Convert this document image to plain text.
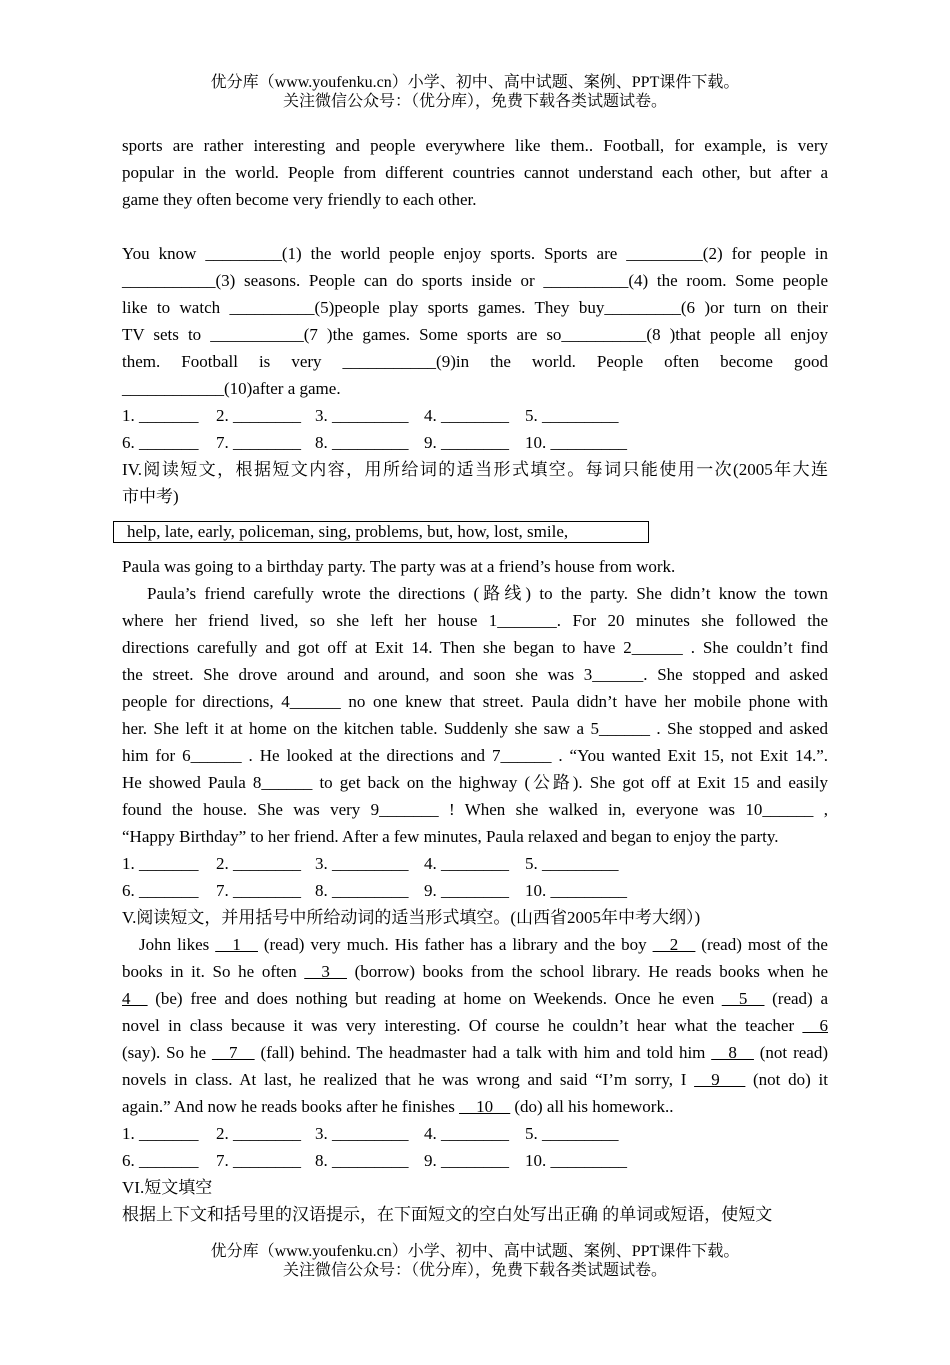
优分库（www.youfenku.cn）小学、初中、高中试题、案例、PPT课件下载。
关注微信公众号：（优分库），免费下载各类试题试卷。

sports are rather interesting and people everywhere like them.. Football, for example, is very

popular in the world. People from different countries cannot understand each other, but after a

game they often become very friendly to each other.

You know _________(1) the world people enjoy sports. Sports are _________(2) for people in

___________(3) seasons. People can do sports inside or __________(4) the room. Some people

like to watch __________(5)people play sports games. They buy_________(6 )or turn on their

TV sets to ___________(7 )the games. Some sports are so__________(8 )that people all enjoy

them. Football is very ___________(9)in the world. People often become good

____________(10)after a game.

1. _______	2. ________ 3. _________ 4. ________ 5. _________
6. _______	7. ________ 8. _________ 9. ________ 10. _________

IV.阅读短文，根据短文内容，用所给词的适当形式填空。每词只能使用一次(2005年大连

市中考)

help, late, early, policeman, sing, problems, but, how, lost, smile,

Paula was going to a birthday party. The party was at a friend’s house from work.

Paula’s friend carefully wrote the directions (路线) to the party. She didn’t know the town

where her friend lived, so she left her house 1_______. For 20 minutes she followed the

directions carefully and got off at Exit 14. Then she began to have 2______ . She couldn’t find

the street. She drove around and around, and soon she was 3______. She stopped and asked

people for directions, 4______ no one knew that street. Paula didn’t have her mobile phone with

her. She left it at home on the kitchen table. Suddenly she saw a 5______ . She stopped and asked

him for 6______ . He looked at the directions and 7______ . “You wanted Exit 15, not Exit 14.”.

He showed Paula 8______ to get back on the highway (公路). She got off at Exit 15 and easily

found the house. She was very 9_______ ! When she walked in, everyone was 10______ ,

“Happy Birthday” to her friend. After a few minutes, Paula relaxed and began to enjoy the party.

1. _______	2. ________ 3. _________ 4. ________ 5. _________
6. _______	7. ________ 8. _________ 9. ________ 10. _________

V.阅读短文，并用括号中所给动词的适当形式填空。(山西省2005年中考大纲）)

John likes __1__ (read) very much. His father has a library and the boy __2__ (read) most of the

books in it. So he often __3__ (borrow) books from the school library. He reads books when he

4__ (be) free and does nothing but reading at home on Weekends. Once he even __5__ (read) a

novel in class because it was very interesting. Of course he couldn’t hear what the teacher __6

(say). So he __7__ (fall) behind. The headmaster had a talk with him and told him __8__ (not read)

novels in class. At last, he realized that he was wrong and said “I’m sorry, I __9___ (not do) it

again.” And now he reads books after he finishes __10__ (do) all his homework..

1. _______	2. ________ 3. _________ 4. ________ 5. _________
6. _______	7. ________ 8. _________ 9. ________ 10. _________

VI.短文填空

根据上下文和括号里的汉语提示，在下面短文的空白处写出正确 的单词或短语，使短文

优分库（www.youfenku.cn）小学、初中、高中试题、案例、PPT课件下载。
关注微信公众号：（优分库），免费下载各类试题试卷。
